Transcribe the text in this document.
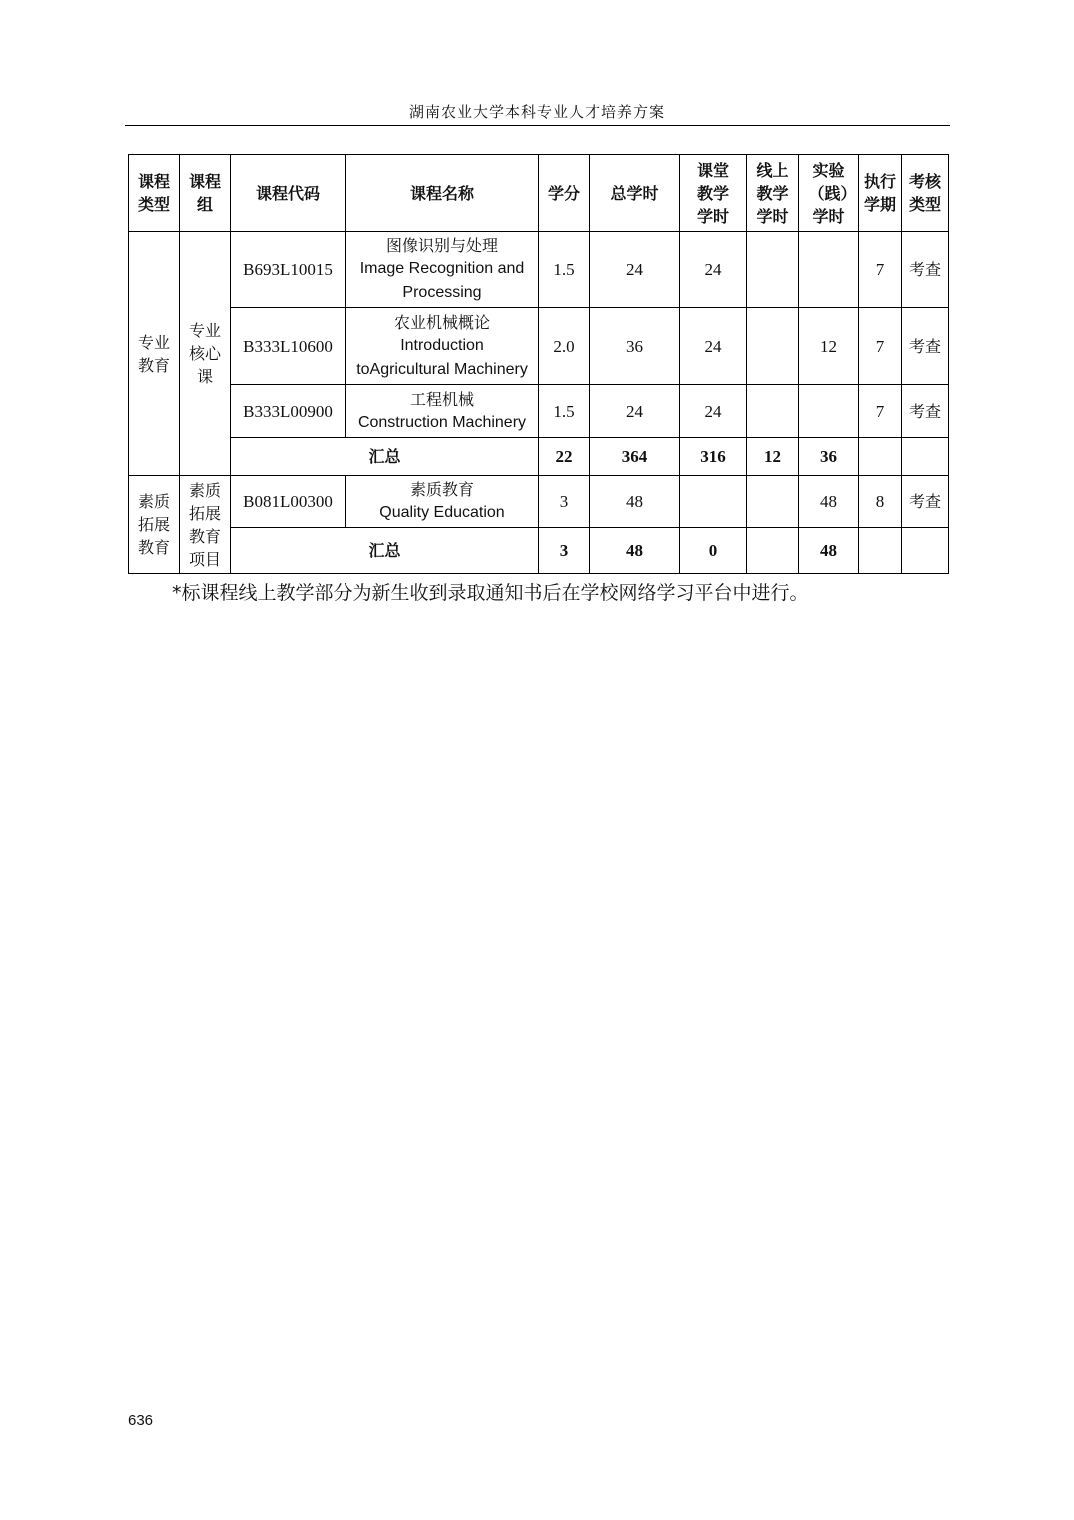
湖南农业大学本科专业人才培养方案
课程类型	课程组	课程代码	课程名称	学分	总学时	课堂教学学时	线上教学学时	实验（践）学时	执行学期	考核类型

专业教育	专业核心课	B693L10015	图像识别与处理
Image Recognition and
Processing	1.5	24	24			7	考查
		B333L10600	农业机械概论
Introduction
toAgricultural Machinery	2.0	36	24		12	7	考查
		B333L00900	工程机械
Construction Machinery	1.5	24	24			7	考查
		汇总		22	364	316	12	36		

素质拓展教育	素质拓展教育项目	B081L00300	素质教育
Quality Education	3	48			48	8	考查
		汇总		3	48	0		48		
*标课程线上教学部分为新生收到录取通知书后在学校网络学习平台中进行。
636
